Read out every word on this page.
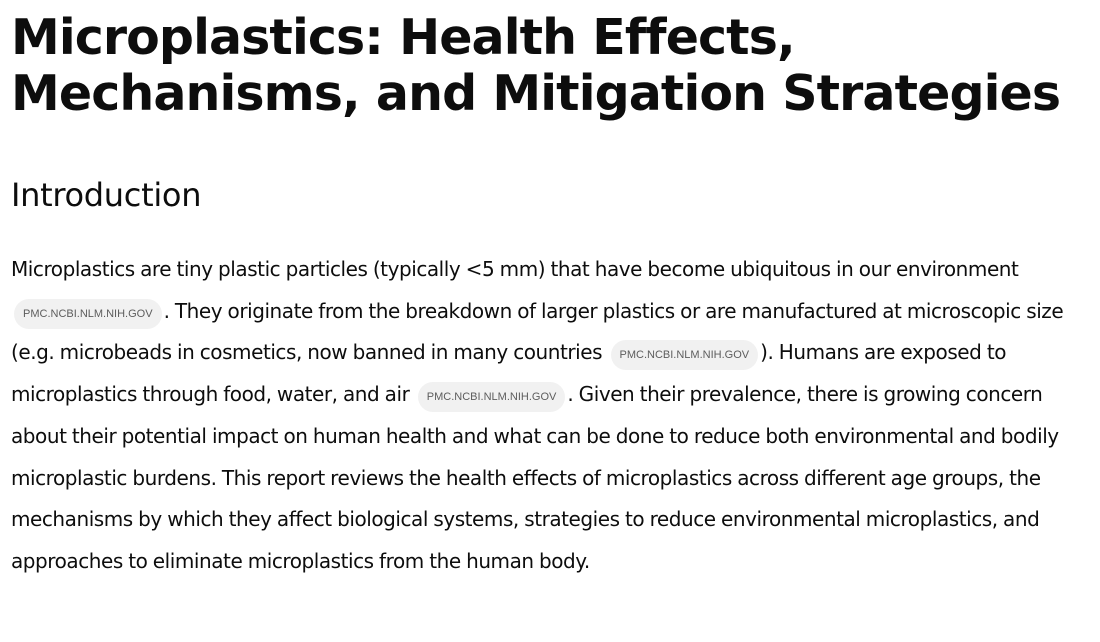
Microplastics: Health Effects, Mechanisms, and Mitigation Strategies
Introduction

Microplastics are tiny plastic particles (typically <5 mm) that have become ubiquitous in our environment PMC.NCBI.NLM.NIH.GOV . They originate from the breakdown of larger plastics or are manufactured at microscopic size (e.g. microbeads in cosmetics, now banned in many countries PMC.NCBI.NLM.NIH.GOV ). Humans are exposed to microplastics through food, water, and air PMC.NCBI.NLM.NIH.GOV . Given their prevalence, there is growing concern about their potential impact on human health and what can be done to reduce both environmental and bodily microplastic burdens. This report reviews the health effects of microplastics across different age groups, the mechanisms by which they affect biological systems, strategies to reduce environmental microplastics, and approaches to eliminate microplastics from the human body.
